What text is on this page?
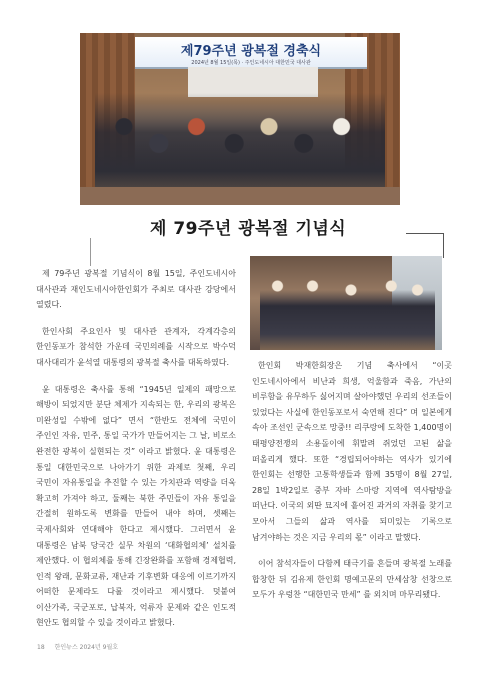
제79주년 광복절 경축식
2024년 8월 15일(목) · 주인도네시아 대한민국 대사관
제 79주년 광복절 기념식

제 79주년 광복절 기념식이 8월 15일, 주인도네시아 대사관과 재인도네시아한인회가 주최로 대사관 강당에서 열렸다.

한인사회 주요인사 및 대사관 관계자, 각계각층의 한인동포가 참석한 가운데 국민의례를 시작으로 박수덕 대사대리가 윤석열 대통령의 광복절 축사를 대독하였다.

윤 대통령은 축사를 통해 “1945년 일제의 패망으로 해방이 되었지만 분단 체제가 지속되는 한, 우리의 광복은 미완성일 수밖에 없다” 면서 “한반도 전체에 국민이 주인인 자유, 민주, 통일 국가가 만들어지는 그 날, 비로소 완전한 광복이 실현되는 것” 이라고 밝혔다. 윤 대통령은 통일 대한민국으로 나아가기 위한 과제로 첫째, 우리 국민이 자유통일을 추진할 수 있는 가치관과 역량을 더욱 확고히 가져야 하고, 둘째는 북한 주민들이 자유 통일을 간절히 원하도록 변화를 만들어 내야 하며, 셋째는 국제사회와 연대해야 한다고 제시했다. 그러면서 윤 대통령은 남북 당국간 실무 차원의 ‘대화협의체’ 설치를 제안했다. 이 협의체를 통해 긴장완화를 포함해 경제협력, 인적 왕래, 문화교류, 재난과 기후변화 대응에 이르기까지 어떠한 문제라도 다룰 것이라고 제시했다. 덧붙여 이산가족, 국군포로, 납북자, 억류자 문제와 같은 인도적 현안도 협의할 수 있을 것이라고 밝혔다.

한인회 박재한회장은 기념 축사에서 “이곳 인도네시아에서 비난과 희생, 억울함과 죽음, 가난의 비루함을 유무하두 싫어지며 살아야했던 우리의 선조들이 있었다는 사실에 한인동포로서 숙연해 진다” 며 일본에게 속아 조선인 군속으로 망중!! 리쿠랑에 도착한 1,400명이 태평양전쟁의 소용돌이에 휘말려 쥐었던 고된 삶을 떠올리게 했다. 또한 “경립되어야하는 역사가 있기에 한인회는 선행한 고통학생들과 함께 35명이 8월 27일, 28일 1박2일로 중부 자바 스마랑 지역에 역사탐방을 떠난다. 이국의 외딴 묘지에 흩어진 과거의 자취를 찾기고 모아서 그들의 삶과 역사를 되미있는 기록으로 남겨야하는 것은 지금 우리의 몫” 이라고 말했다.

이어 참석자들이 다함께 태극기를 흔들며 광복절 노래를 합창한 뒤 김유제 한인회 명예고문의 만세삼창 선창으로 모두가 우렁찬 “대한민국 만세” 를 외치며 마무리됐다.

18 한인뉴스 2024년 9월호
